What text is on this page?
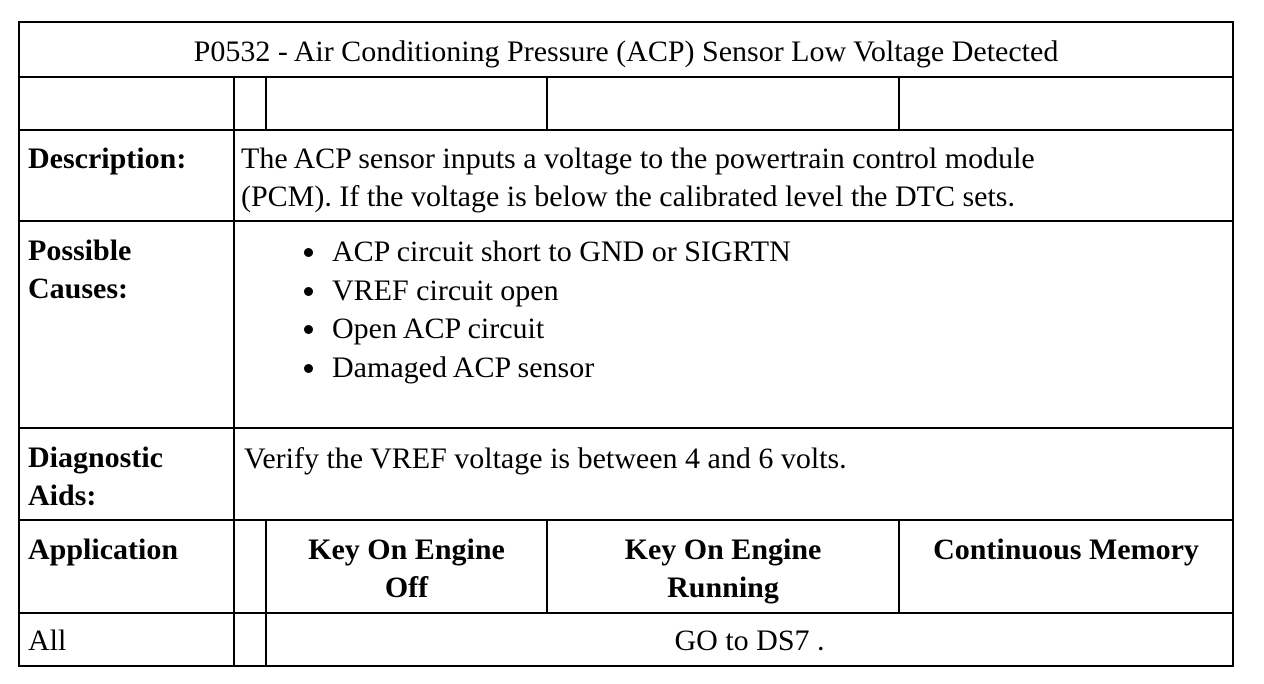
P0532 - Air Conditioning Pressure (ACP) Sensor Low Voltage Detected
Description: The ACP sensor inputs a voltage to the powertrain control module
(PCM). If the voltage is below the calibrated level the DTC sets.
Possible
Causes:
ACP circuit short to GND or SIGRTN
VREF circuit open
Open ACP circuit
Damaged ACP sensor
Diagnostic
Aids:
Verify the VREF voltage is between 4 and 6 volts.
Application	Key On Engine
Off
Key On Engine
Running
Continuous Memory
All	GO to DS7 .
